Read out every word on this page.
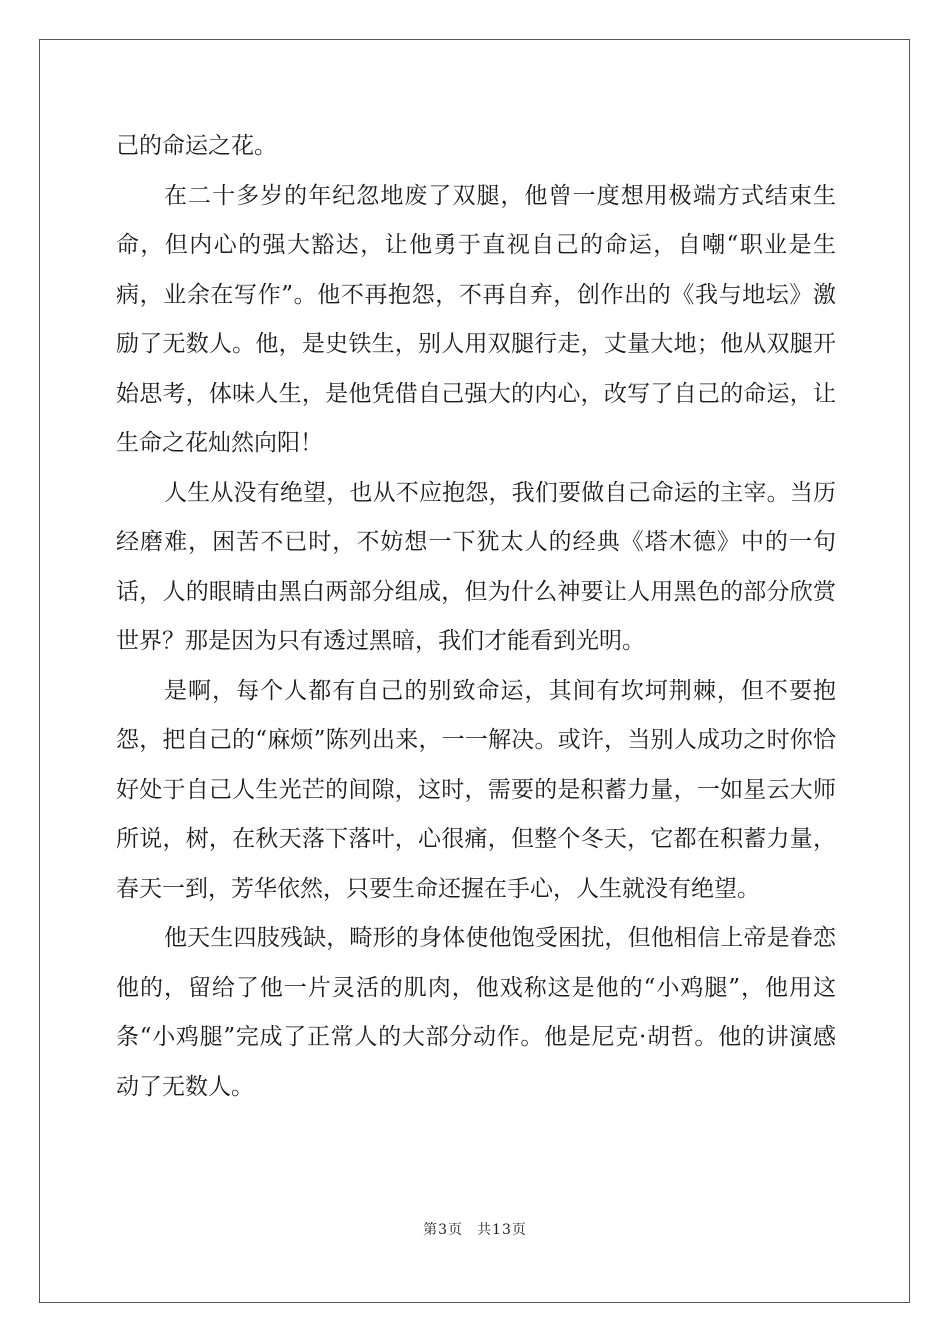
己的命运之花。

在二十多岁的年纪忽地废了双腿，他曾一度想用极端方式结束生命，但内心的强大豁达，让他勇于直视自己的命运，自嘲“职业是生病，业余在写作”。他不再抱怨，不再自弃，创作出的《我与地坛》激励了无数人。他，是史铁生，别人用双腿行走，丈量大地；他从双腿开始思考，体味人生，是他凭借自己强大的内心，改写了自己的命运，让生命之花灿然向阳！

人生从没有绝望，也从不应抱怨，我们要做自己命运的主宰。当历经磨难，困苦不已时，不妨想一下犹太人的经典《塔木德》中的一句话，人的眼睛由黑白两部分组成，但为什么神要让人用黑色的部分欣赏世界？那是因为只有透过黑暗，我们才能看到光明。

是啊，每个人都有自己的别致命运，其间有坎坷荆棘，但不要抱怨，把自己的“麻烦”陈列出来，一一解决。或许，当别人成功之时你恰好处于自己人生光芒的间隙，这时，需要的是积蓄力量，一如星云大师所说，树，在秋天落下落叶，心很痛，但整个冬天，它都在积蓄力量，春天一到，芳华依然，只要生命还握在手心，人生就没有绝望。

他天生四肢残缺，畸形的身体使他饱受困扰，但他相信上帝是眷恋他的，留给了他一片灵活的肌肉，他戏称这是他的“小鸡腿”，他用这条“小鸡腿”完成了正常人的大部分动作。他是尼克·胡哲。他的讲演感动了无数人。

第3页 共13页
